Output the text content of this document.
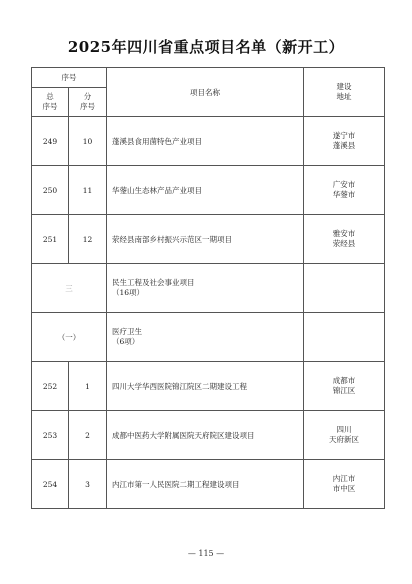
2025年四川省重点项目名单（新开工）
序号		项目名称	建设
地址

总
序号	分
序号		

249	10	蓬溪县食用菌特色产业项目	遂宁市
蓬溪县

250	11	华蓥山生态林产品产业项目	广安市
华蓥市

251	12	荥经县南部乡村振兴示范区一期项目	雅安市
荥经县

三		民生工程及社会事业项目
（16项）	

（一）		医疗卫生
（6项）	

252	1	四川大学华西医院锦江院区二期建设工程	成都市
锦江区

253	2	成都中医药大学附属医院天府院区建设项目	四川
天府新区

254	3	内江市第一人民医院二期工程建设项目	内江市
市中区
— 115 —
